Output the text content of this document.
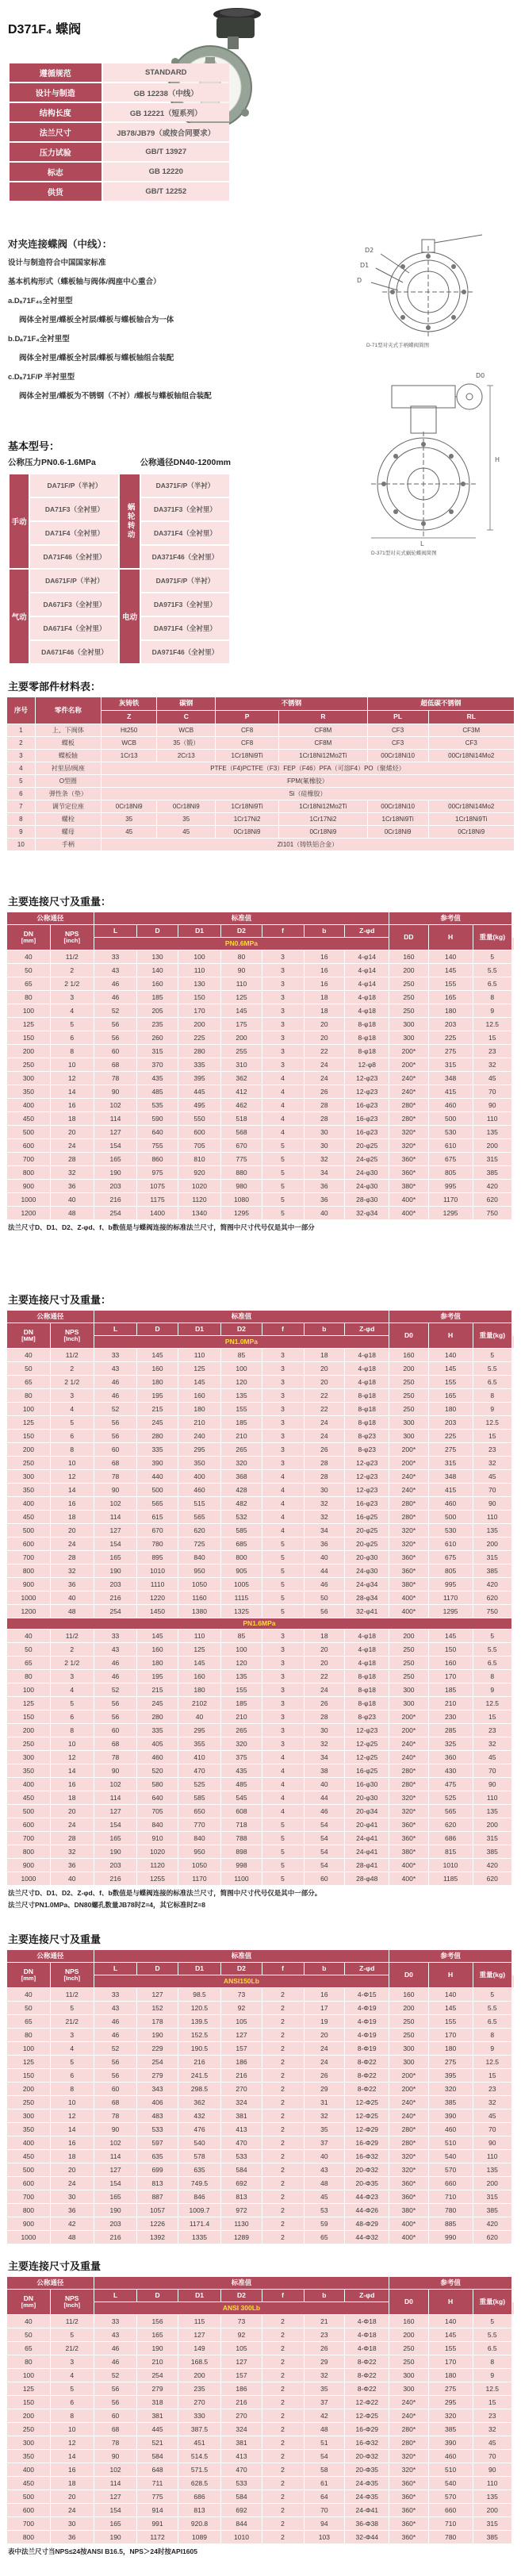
D371F₄ 蝶阀
遵循规范	STANDARD
设计与制造	GB 12238（中线）
结构长度	GB 12221（短系列）
法兰尺寸	JB78/JB79（或按合同要求）
压力试验	GB/T 13927
标志	GB 12220
供货	GB/T 12252
对夹连接蝶阀（中线）：
设计与制造符合中国国家标准
基本机构形式（蝶板轴与阀体/阀座中心重合）
a.Dₐ71F₄₆全衬里型
阀体全衬里/蝶板全衬层/蝶板与蝶板轴合为一体
b.Dₐ71F₄全衬里型
阀体全衬里/蝶板全衬层/蝶板与蝶板轴组合装配
c.Dₐ71F/P 半衬里型
阀体全衬里/蝶板为不锈钢（不衬）/蝶板与蝶板轴组合装配
D2
D1
D
D-71型对夹式手柄蝶阀简图
D0
H
L
D-371型对夹式蜗轮蝶阀简图
基本型号：
公称压力PN0.6-1.6MPa	公称通径DN40-1200mm
手动	DA71F/P（半衬）	蜗轮转动	DA371F/P（半衬）
	DA71F3（全衬里）		DA371F3（全衬里）
	DA71F4（全衬里）		DA371F4（全衬里）
	DA71F46（全衬里）		DA371F46（全衬里）
气动	DA671F/P（半衬）	电动	DA971F/P（半衬）
	DA671F3（全衬里）		DA971F3（全衬里）
	DA671F4（全衬里）		DA971F4（全衬里）
	DA671F46（全衬里）		DA971F46（全衬里）
主要零部件材料表：
序号	零件名称	灰铸铁	碳钢	不锈钢		超低碳不锈钢	
		Z	C	P	R	PL	RL
1	上、下阀体	Ht250	WCB	CF8	CF8M	CF3	CF3M
2	蝶板	WCB	35（锻）	CF8	CF8M	CF3	CF3
3	蝶板轴	1Cr13	2Cr13	1Cr18Ni9Ti	1Cr18Ni12Mo2Ti	00Cr18Ni10	00Cr18Ni14Mo2
4	衬里层/阀座	PTFE（F4)PCTFE（F3）FEP（F46）PFA（可溶F4）PO（聚烯烃）					
5	O型圈	FPM(氟橡胶）					
6	弹性条（垫）	Si（硅橡胶）					
7	调节定位座	0Cr18Ni9	0Cr18Ni9	1Cr18Ni9Ti	1Cr18Ni12Mo2Ti	00Cr18Ni10	00Cr18Ni14Mo2
8	螺栓	35	35	1Cr17Ni2	1Cr17Ni2	1Cr18Ni9Ti	1Cr18Ni9Ti
9	螺母	45	45	0Cr18Ni9	0Cr18Ni9	0Cr18Ni9	0Cr18Ni9
10	手柄	ZI101（铸铁铝合金）					
主要连接尺寸及重量：
公称通径		标准值							参考值			
DN
[mm]	NPS
[inch]	L	D	D1	D2	f	b	Z-φd	DD	H	重量(kg)	
		PN0.6MPa										
40	11/2	33	130	100	80	3	16	4-φ14	160	140	5	
50	2	43	140	110	90	3	16	4-φ14	200	145	5.5	
65	2 1/2	46	160	130	110	3	16	4-φ14	250	155	6.5	
80	3	46	185	150	125	3	18	4-φ18	250	165	8	
100	4	52	205	170	145	3	18	4-φ18	250	180	9	
125	5	56	235	200	175	3	20	8-φ18	300	203	12.5	
150	6	56	260	225	200	3	20	8-φ18	300	225	15	
200	8	60	315	280	255	3	22	8-φ18	200*	275	23	
250	10	68	370	335	310	3	24	12-φ8	200*	315	32	
300	12	78	435	395	362	4	24	12-φ23	240*	348	45	
350	14	90	485	445	412	4	26	12-φ23	240*	415	70	
400	16	102	535	495	462	4	28	16-φ23	280*	460	90	
450	18	114	590	550	518	4	28	16-φ23	280*	500	110	
500	20	127	640	600	568	4	30	16-φ23	320*	530	135	
600	24	154	755	705	670	5	30	20-φ25	320*	610	200	
700	28	165	860	810	775	5	32	24-φ25	360*	675	315	
800	32	190	975	920	880	5	34	24-φ30	360*	805	385	
900	36	203	1075	1020	980	5	36	24-φ30	380*	995	420	
1000	40	216	1175	1120	1080	5	36	28-φ30	400*	1170	620	
1200	48	254	1400	1340	1295	5	40	32-φ34	400*	1295	750	
法兰尺寸D、D1、D2、Z-φd、f、b数值是与蝶阀连接的标准法兰尺寸，简图中尺寸代号仅是其中一部分
主要连接尺寸及重量：
公称通径		标准值							参考值			
DN
[MM]	NPS
[Inch]	L	D	D1	D2	f	b	Z-φd	D0	H	重量(kg)	
		PN1.0MPa										
40	11/2	33	145	110	85	3	18	4-φ18	160	140	5	
50	2	43	160	125	100	3	20	4-φ18	200	145	5.5	
65	2 1/2	46	180	145	120	3	20	4-φ18	250	155	6.5	
80	3	46	195	160	135	3	22	8-φ18	250	165	8	
100	4	52	215	180	155	3	22	8-φ18	250	180	9	
125	5	56	245	210	185	3	24	8-φ18	300	203	12.5	
150	6	56	280	240	210	3	24	8-φ23	300	225	15	
200	8	60	335	295	265	3	26	8-φ23	200*	275	23	
250	10	68	390	350	320	3	28	12-φ23	200*	315	32	
300	12	78	440	400	368	4	28	12-φ23	240*	348	45	
350	14	90	500	460	428	4	30	12-φ23	240*	415	70	
400	16	102	565	515	482	4	32	16-φ23	280*	460	90	
450	18	114	615	565	532	4	32	16-φ25	280*	500	110	
500	20	127	670	620	585	4	34	20-φ25	320*	530	135	
600	24	154	780	725	685	5	36	20-φ25	320*	610	200	
700	28	165	895	840	800	5	40	20-φ30	360*	675	315	
800	32	190	1010	950	905	5	44	24-φ30	360*	805	385	
900	36	203	1110	1050	1005	5	46	24-φ34	380*	995	420	
1000	40	216	1220	1160	1115	5	50	28-φ34	400*	1170	620	
1200	48	254	1450	1380	1325	5	56	32-φ41	400*	1295	750	
PN1.6MPa												
40	11/2	33	145	110	85	3	18	4-φ18	200	145	5	
50	2	43	160	125	100	3	20	4-φ18	250	150	5.5	
65	2 1/2	46	180	145	120	3	20	4-φ18	250	160	6.5	
80	3	46	195	160	135	3	22	8-φ18	250	170	8	
100	4	52	215	180	155	3	24	8-φ18	300	185	9	
125	5	56	245	2102	185	3	26	8-φ18	300	210	12.5	
150	6	56	280	40	210	3	28	8-φ23	200*	230	15	
200	8	60	335	295	265	3	30	12-φ23	200*	285	23	
250	10	68	405	355	320	3	32	12-φ25	240*	325	32	
300	12	78	460	410	375	4	34	12-φ25	240*	360	45	
350	14	90	520	470	435	4	38	16-φ25	280*	430	70	
400	16	102	580	525	485	4	40	16-φ30	280*	475	90	
450	18	114	640	585	545	4	44	20-φ30	320*	525	110	
500	20	127	705	650	608	4	46	20-φ34	320*	565	135	
600	24	154	840	770	718	5	54	20-φ41	360*	620	200	
700	28	165	910	840	788	5	54	24-φ41	360*	686	315	
800	32	190	1020	950	898	5	54	24-φ41	380*	815	385	
900	36	203	1120	1050	998	5	54	28-φ41	400*	1010	420	
1000	40	216	1255	1170	1100	5	60	28-φ48	400*	1185	620	
法兰尺寸D、D1、D2、Z-φd、f、b数值是与蝶阀连接的标准法兰尺寸，简图中尺寸代号仅是其中一部分。
法兰尺寸PN1.0MPa、DN80螺孔数量JB78时Z=4，其它标准时Z=8
主要连接尺寸及重量
公称通径		标准值							参考值			
DN
[mm]	NPS
[Inch]	L	D	D1	D2	f	b	Z-φd	D0	H	重量(kg)	
		ANSI150Lb										
40	11/2	33	127	98.5	73	2	16	4-Φ15	160	140	5	
50	5	43	152	120.5	92	2	17	4-Φ19	200	145	5.5	
65	21/2	46	178	139.5	105	2	19	4-Φ19	250	155	6.5	
80	3	46	190	152.5	127	2	20	4-Φ19	250	170	8	
100	4	52	229	190.5	157	2	24	8-Φ19	300	180	9	
125	5	56	254	216	186	2	24	8-Φ22	300	275	12.5	
150	6	56	279	241.5	216	2	26	8-Φ22	200*	395	15	
200	8	60	343	298.5	270	2	29	8-Φ22	200*	320	23	
250	10	68	406	362	324	2	31	12-Φ25	240*	385	32	
300	12	78	483	432	381	2	32	12-Φ25	240*	390	45	
350	14	90	533	476	413	2	35	12-Φ29	280*	460	70	
400	16	102	597	540	470	2	37	16-Φ29	280*	510	90	
450	18	114	635	578	533	2	40	16-Φ32	320*	540	110	
500	20	127	699	635	584	2	43	20-Φ32	320*	570	135	
600	24	154	813	749.5	692	2	48	20-Φ35	360*	660	200	
700	30	165	887	846	813	2	45	44-Φ23	360*	710	315	
800	36	190	1057	1009.7	972	2	53	44-Φ26	380*	780	385	
900	42	203	1226	1171.4	1130	2	59	48-Φ29	400*	885	420	
1000	48	216	1392	1335	1289	2	65	44-Φ32	400*	990	620	
主要连接尺寸及重量
公称通径		标准值							参考值			
DN
[mm]	NPS
[Inch]	L	D	D1	D2	f	b	Z-φd	D0	H	重量(kg)	
		ANSI 300Lb										
40	11/2	33	156	115	73	2	21	4-Φ18	160	140	5	
50	5	43	165	127	92	2	23	4-Φ18	200	145	5.5	
65	21/2	46	190	149	105	2	26	4-Φ18	250	155	6.5	
80	3	46	210	168.5	127	2	29	8-Φ22	250	170	8	
100	4	52	254	200	157	2	32	8-Φ22	300	180	9	
125	5	56	279	235	186	2	35	8-Φ22	300	275	12.5	
150	6	56	318	270	216	2	37	12-Φ22	240*	295	15	
200	8	60	381	330	270	2	42	12-Φ25	240*	320	23	
250	10	68	445	387.5	324	2	48	16-Φ29	280*	385	32	
300	12	78	521	451	381	2	51	16-Φ32	280*	390	45	
350	14	90	584	514.5	413	2	54	20-Φ32	320*	460	70	
400	16	102	648	571.5	470	2	58	20-Φ35	320*	510	90	
450	18	114	711	628.5	533	2	61	24-Φ35	360*	540	110	
500	20	127	775	686	584	2	64	24-Φ35	360*	570	135	
600	24	154	914	813	692	2	70	24-Φ41	360*	660	200	
700	30	165	991	920.8	844	2	94	36-Φ38	360*	710	315	
800	36	190	1172	1089	1010	2	103	32-Φ44	360*	780	385	
表中法兰尺寸当NPS≤24按ANSI B16.5，NPS＞24时按API1605
